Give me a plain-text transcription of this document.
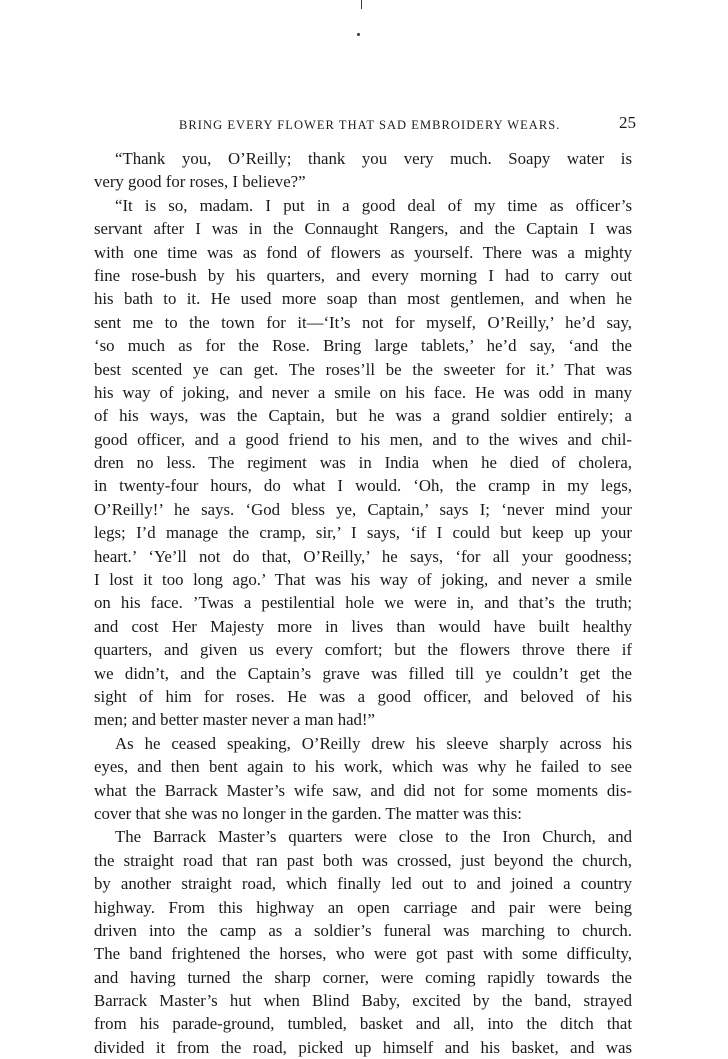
BRING EVERY FLOWER THAT SAD EMBROIDERY WEARS.	25
“Thank you, O’Reilly; thank you very much. Soapy water is
very good for roses, I believe?”
“It is so, madam. I put in a good deal of my time as officer’s
servant after I was in the Connaught Rangers, and the Captain I was
with one time was as fond of flowers as yourself. There was a mighty
fine rose-bush by his quarters, and every morning I had to carry out
his bath to it. He used more soap than most gentlemen, and when he
sent me to the town for it—‘It’s not for myself, O’Reilly,’ he’d say,
‘so much as for the Rose. Bring large tablets,’ he’d say, ‘and the
best scented ye can get. The roses’ll be the sweeter for it.’ That was
his way of joking, and never a smile on his face. He was odd in many
of his ways, was the Captain, but he was a grand soldier entirely; a
good officer, and a good friend to his men, and to the wives and chil-
dren no less. The regiment was in India when he died of cholera,
in twenty-four hours, do what I would. ‘Oh, the cramp in my legs,
O’Reilly!’ he says. ‘God bless ye, Captain,’ says I; ‘never mind your
legs; I’d manage the cramp, sir,’ I says, ‘if I could but keep up your
heart.’ ‘Ye’ll not do that, O’Reilly,’ he says, ‘for all your goodness;
I lost it too long ago.’ That was his way of joking, and never a smile
on his face. ’Twas a pestilential hole we were in, and that’s the truth;
and cost Her Majesty more in lives than would have built healthy
quarters, and given us every comfort; but the flowers throve there if
we didn’t, and the Captain’s grave was filled till ye couldn’t get the
sight of him for roses. He was a good officer, and beloved of his
men; and better master never a man had!”
As he ceased speaking, O’Reilly drew his sleeve sharply across his
eyes, and then bent again to his work, which was why he failed to see
what the Barrack Master’s wife saw, and did not for some moments dis-
cover that she was no longer in the garden. The matter was this:
The Barrack Master’s quarters were close to the Iron Church, and
the straight road that ran past both was crossed, just beyond the church,
by another straight road, which finally led out to and joined a country
highway. From this highway an open carriage and pair were being
driven into the camp as a soldier’s funeral was marching to church.
The band frightened the horses, who were got past with some difficulty,
and having turned the sharp corner, were coming rapidly towards the
Barrack Master’s hut when Blind Baby, excited by the band, strayed
from his parade-ground, tumbled, basket and all, into the ditch that
divided it from the road, picked up himself and his basket, and was
